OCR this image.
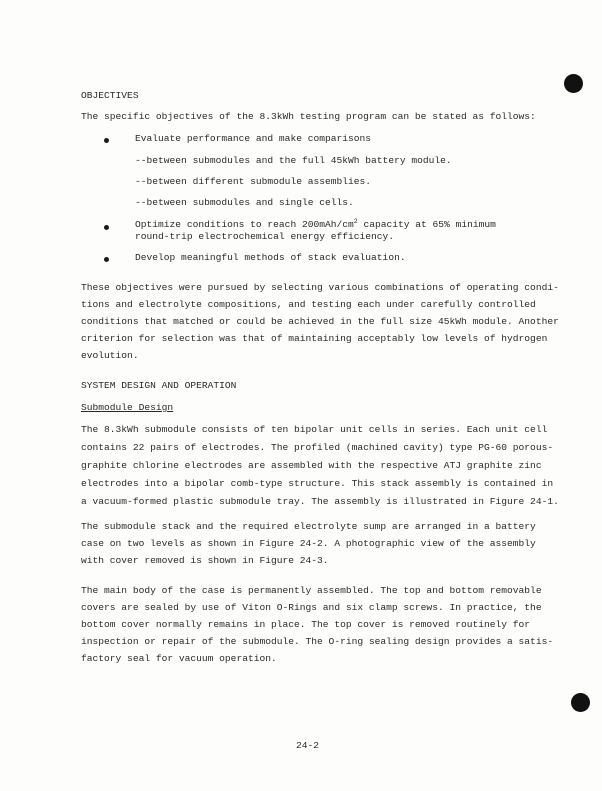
OBJECTIVES
The specific objectives of the 8.3kWh testing program can be stated as follows:
Evaluate performance and make comparisons
--between submodules and the full 45kWh battery module.
--between different submodule assemblies.
--between submodules and single cells.
Optimize conditions to reach $200mAh/cm^2$ capacity at 65% minimum
round-trip electrochemical energy efficiency.
Develop meaningful methods of stack evaluation.
These objectives were pursued by selecting various combinations of operating condi-
tions and electrolyte compositions, and testing each under carefully controlled
conditions that matched or could be achieved in the full size 45kWh module. Another
criterion for selection was that of maintaining acceptably low levels of hydrogen
evolution.
SYSTEM DESIGN AND OPERATION
Submodule Design
The 8.3kWh submodule consists of ten bipolar unit cells in series. Each unit cell
contains 22 pairs of electrodes. The profiled (machined cavity) type PG-60 porous-
graphite chlorine electrodes are assembled with the respective ATJ graphite zinc
electrodes into a bipolar comb-type structure. This stack assembly is contained in
a vacuum-formed plastic submodule tray. The assembly is illustrated in Figure 24-1.
The submodule stack and the required electrolyte sump are arranged in a battery
case on two levels as shown in Figure 24-2. A photographic view of the assembly
with cover removed is shown in Figure 24-3.
The main body of the case is permanently assembled. The top and bottom removable
covers are sealed by use of Viton O-Rings and six clamp screws. In practice, the
bottom cover normally remains in place. The top cover is removed routinely for
inspection or repair of the submodule. The O-ring sealing design provides a satis-
factory seal for vacuum operation.
24-2
